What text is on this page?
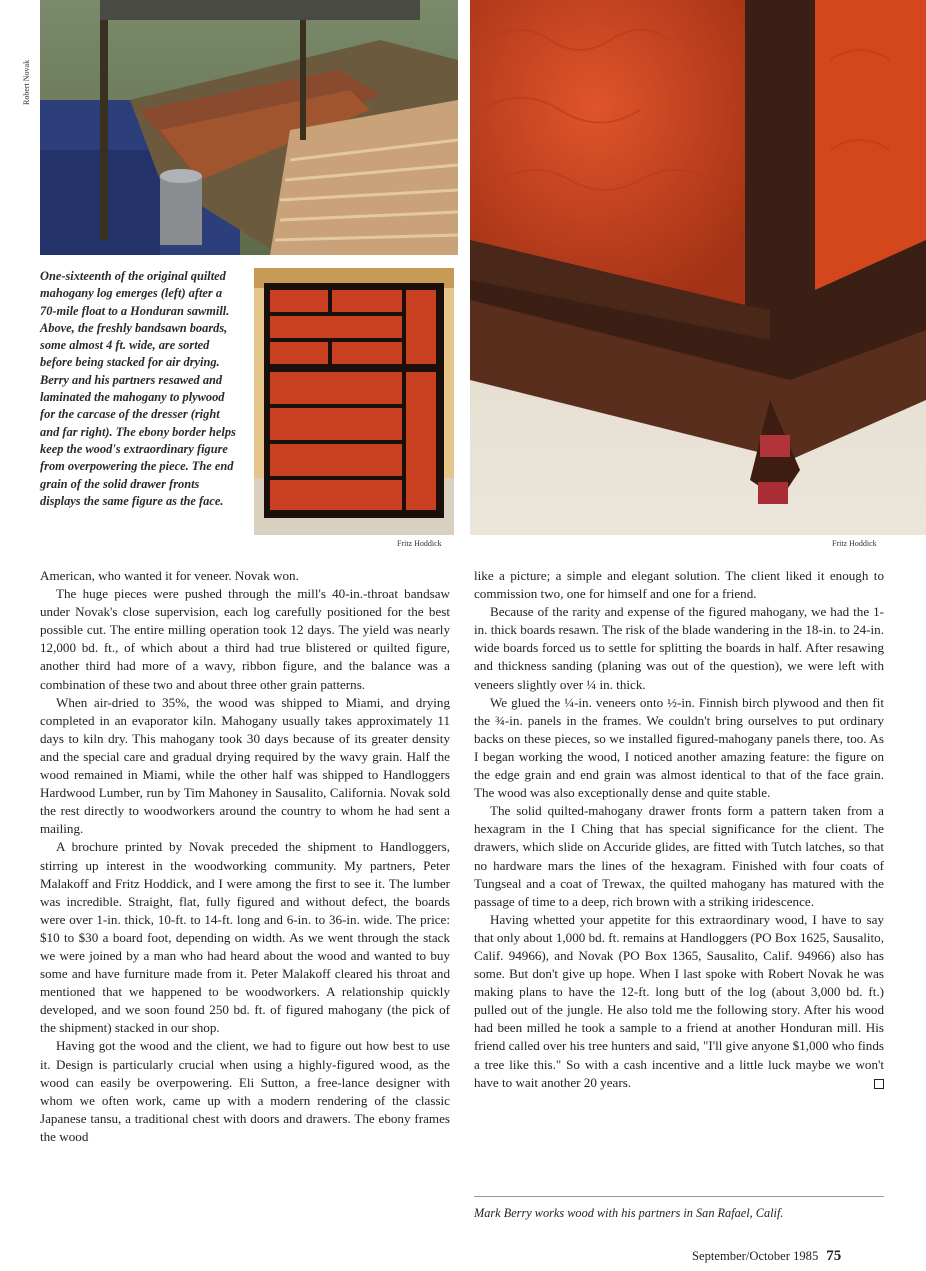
Robert Novak
Fritz Hoddick
One-sixteenth of the original quilted mahogany log emerges (left) after a 70-mile float to a Honduran sawmill. Above, the freshly bandsawn boards, some almost 4 ft. wide, are sorted before being stacked for air drying. Berry and his partners resawed and laminated the mahogany to plywood for the carcase of the dresser (right and far right). The ebony border helps keep the wood's extraordinary figure from overpowering the piece. The end grain of the solid drawer fronts displays the same figure as the face.
Fritz Hoddick

American, who wanted it for veneer. Novak won.

The huge pieces were pushed through the mill's 40-in.-throat bandsaw under Novak's close supervision, each log carefully positioned for the best possible cut. The entire milling operation took 12 days. The yield was nearly 12,000 bd. ft., of which about a third had true blistered or quilted figure, another third had more of a wavy, ribbon figure, and the balance was a combination of these two and about three other grain patterns.

When air-dried to 35%, the wood was shipped to Miami, and drying completed in an evaporator kiln. Mahogany usually takes approximately 11 days to kiln dry. This mahogany took 30 days because of its greater density and the special care and gradual drying required by the wavy grain. Half the wood remained in Miami, while the other half was shipped to Handloggers Hardwood Lumber, run by Tim Mahoney in Sausalito, California. Novak sold the rest directly to woodworkers around the country to whom he had sent a mailing.

A brochure printed by Novak preceded the shipment to Handloggers, stirring up interest in the woodworking community. My partners, Peter Malakoff and Fritz Hoddick, and I were among the first to see it. The lumber was incredible. Straight, flat, fully figured and without defect, the boards were over 1-in. thick, 10-ft. to 14-ft. long and 6-in. to 36-in. wide. The price: $10 to $30 a board foot, depending on width. As we went through the stack we were joined by a man who had heard about the wood and wanted to buy some and have furniture made from it. Peter Malakoff cleared his throat and mentioned that we happened to be woodworkers. A relationship quickly developed, and we soon found 250 bd. ft. of figured mahogany (the pick of the shipment) stacked in our shop.

Having got the wood and the client, we had to figure out how best to use it. Design is particularly crucial when using a highly-figured wood, as the wood can easily be overpowering. Eli Sutton, a free-lance designer with whom we often work, came up with a modern rendering of the classic Japanese tansu, a traditional chest with doors and drawers. The ebony frames the wood

like a picture; a simple and elegant solution. The client liked it enough to commission two, one for himself and one for a friend.

Because of the rarity and expense of the figured mahogany, we had the 1-in. thick boards resawn. The risk of the blade wandering in the 18-in. to 24-in. wide boards forced us to settle for splitting the boards in half. After resawing and thickness sanding (planing was out of the question), we were left with veneers slightly over ¼ in. thick.

We glued the ¼-in. veneers onto ½-in. Finnish birch plywood and then fit the ¾-in. panels in the frames. We couldn't bring ourselves to put ordinary backs on these pieces, so we installed figured-mahogany panels there, too. As I began working the wood, I noticed another amazing feature: the figure on the edge grain and end grain was almost identical to that of the face grain. The wood was also exceptionally dense and quite stable.

The solid quilted-mahogany drawer fronts form a pattern taken from a hexagram in the I Ching that has special significance for the client. The drawers, which slide on Accuride glides, are fitted with Tutch latches, so that no hardware mars the lines of the hexagram. Finished with four coats of Tungseal and a coat of Trewax, the quilted mahogany has matured with the passage of time to a deep, rich brown with a striking iridescence.

Having whetted your appetite for this extraordinary wood, I have to say that only about 1,000 bd. ft. remains at Handloggers (PO Box 1625, Sausalito, Calif. 94966), and Novak (PO Box 1365, Sausalito, Calif. 94966) also has some. But don't give up hope. When I last spoke with Robert Novak he was making plans to have the 12-ft. long butt of the log (about 3,000 bd. ft.) pulled out of the jungle. He also told me the following story. After his wood had been milled he took a sample to a friend at another Honduran mill. His friend called over his tree hunters and said, "I'll give anyone $1,000 who finds a tree like this." So with a cash incentive and a little luck maybe we won't have to wait another 20 years.

Mark Berry works wood with his partners in San Rafael, Calif.
September/October 1985 75
